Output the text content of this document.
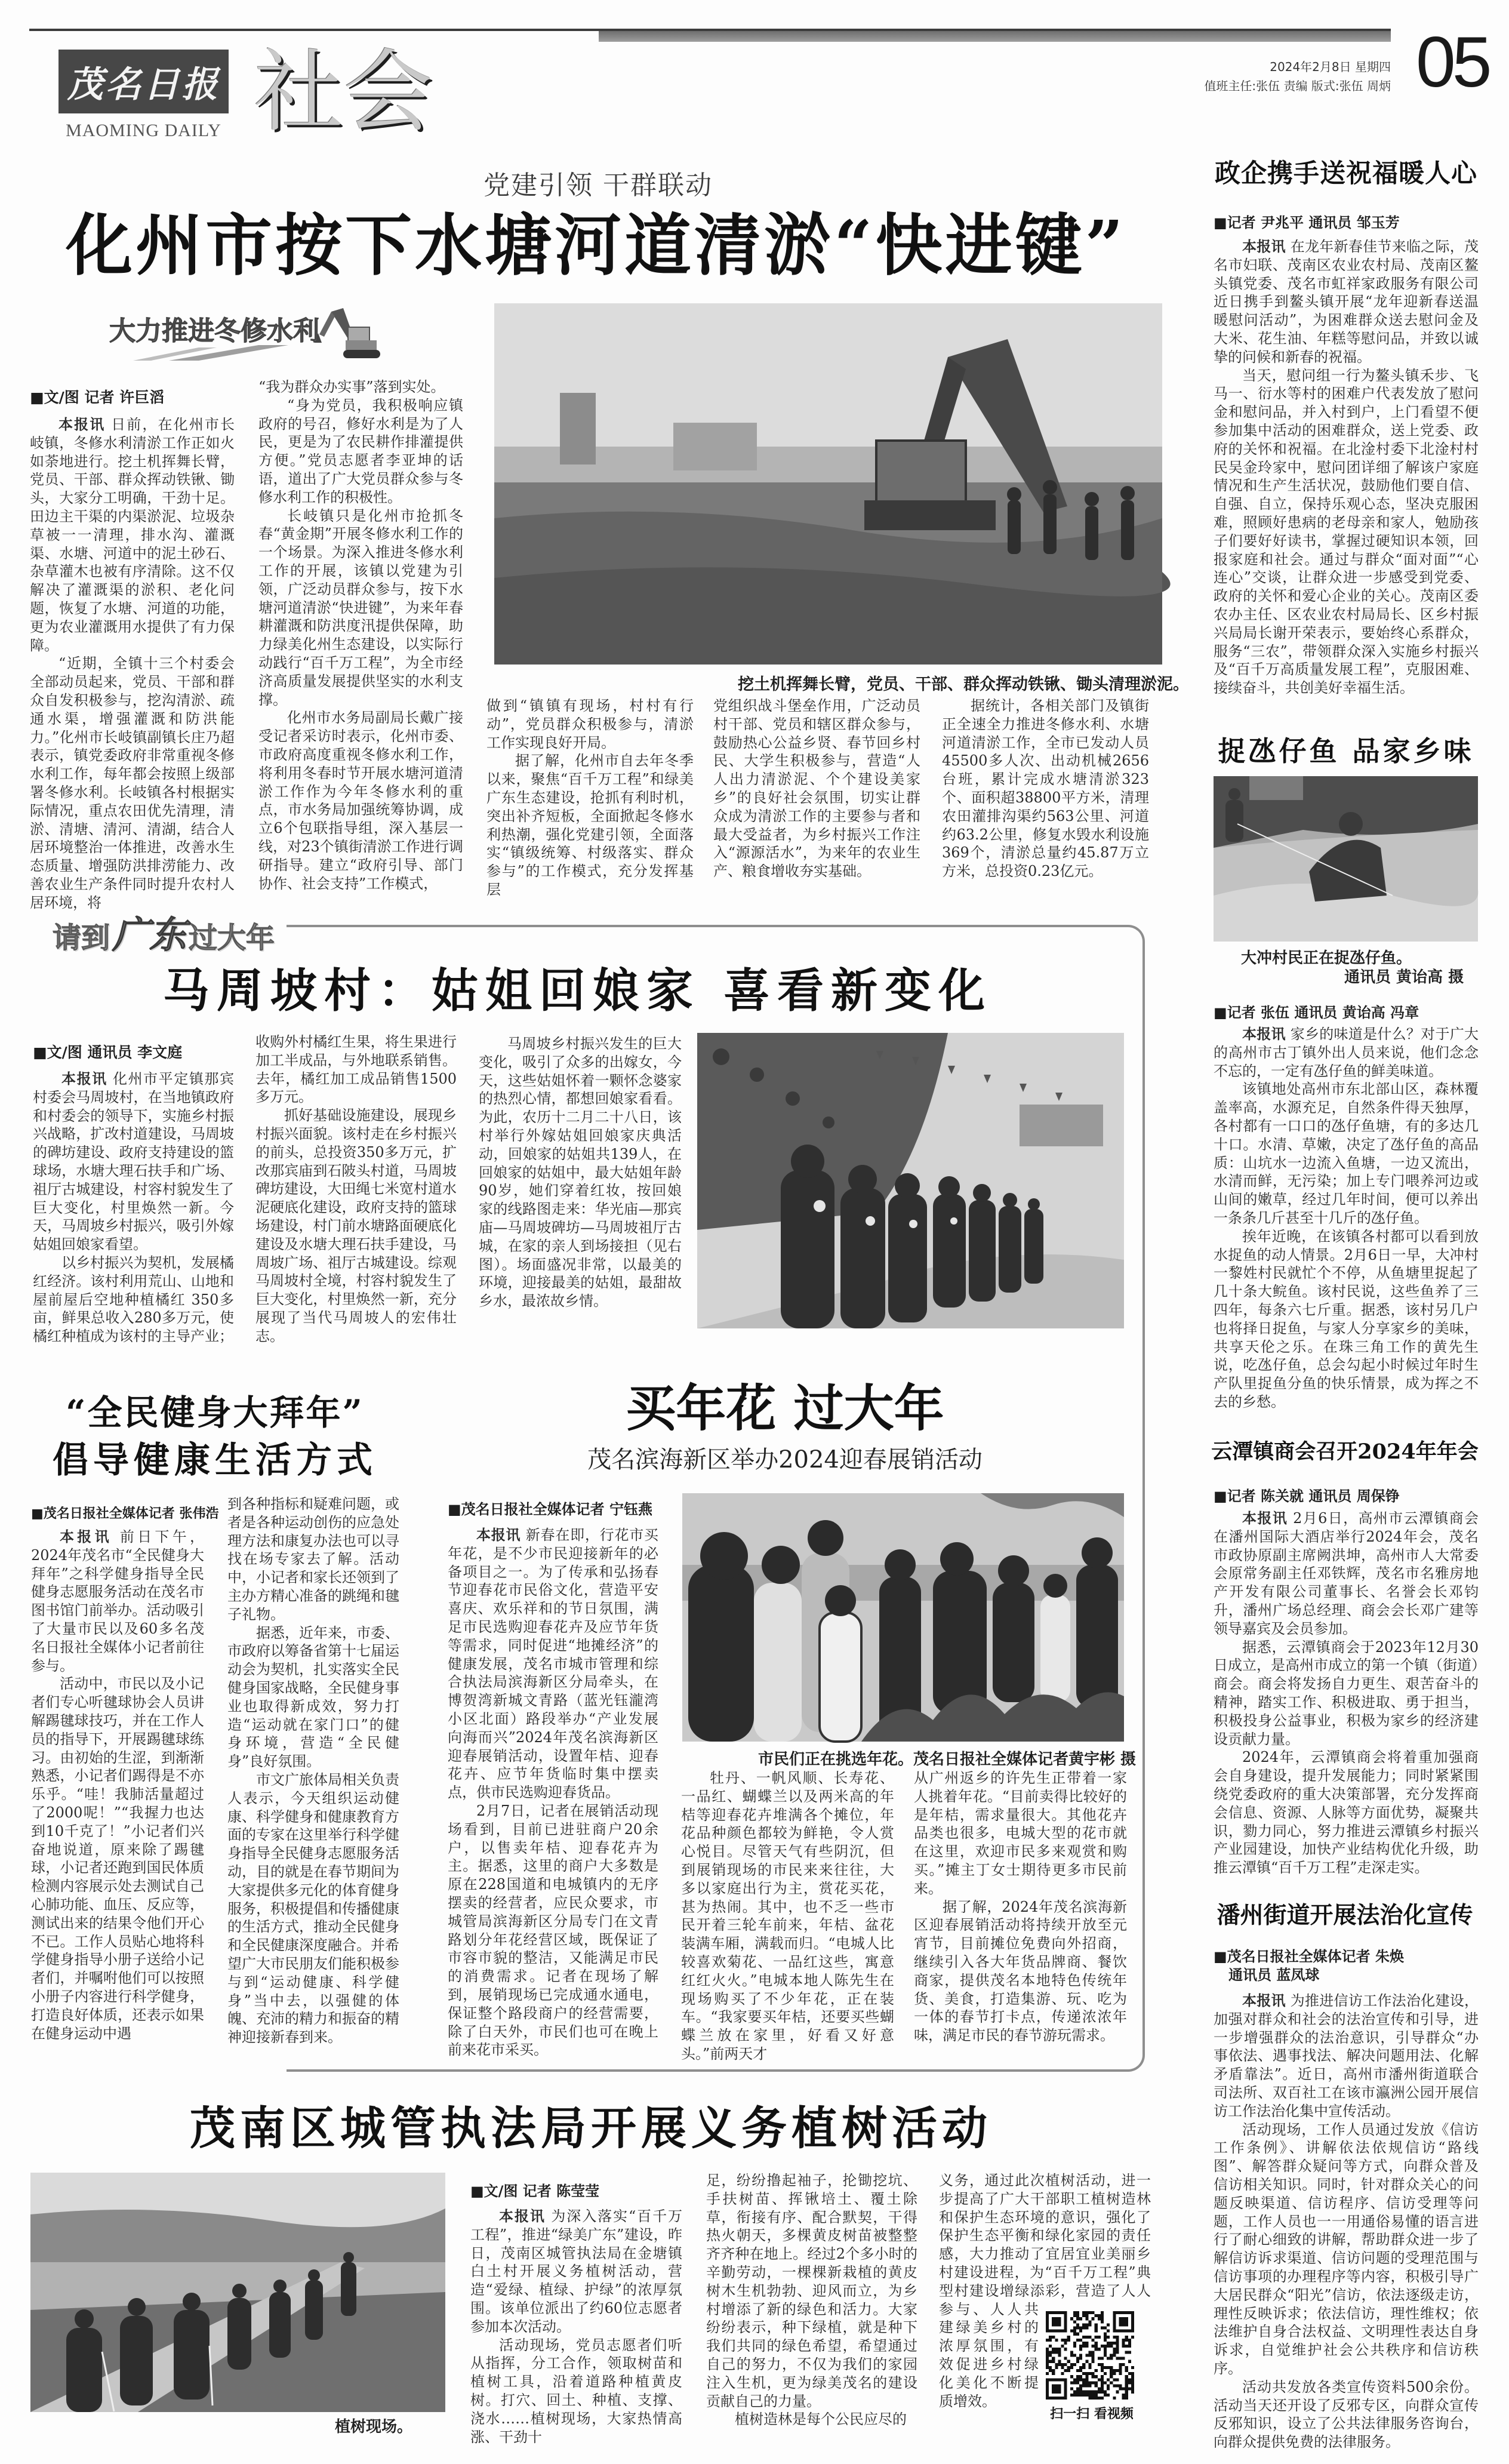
茂名日报
MAOMING DAILY 社会	2024年2月8日 星期四
值班主任:张伍 责编 版式:张伍 周炳 05
党建引领 干群联动
化州市按下水塘河道清淤“快进键”
大力推进冬修水利
■文/图 记者 许巨滔

本报讯 日前，在化州市长岐镇，冬修水利清淤工作正如火如荼地进行。挖土机挥舞长臂，党员、干部、群众挥动铁锹、锄头，大家分工明确，干劲十足。田边主干渠的内渠淤泥、垃圾杂草被一一清理，排水沟、灌溉渠、水塘、河道中的泥土砂石、杂草灌木也被有序清除。这不仅解决了灌溉渠的淤积、老化问题，恢复了水塘、河道的功能，更为农业灌溉用水提供了有力保障。

“近期，全镇十三个村委会全部动员起来，党员、干部和群众自发积极参与，挖沟清淤、疏通水渠，增强灌溉和防洪能力。”化州市长岐镇副镇长庄乃超表示，镇党委政府非常重视冬修水利工作，每年都会按照上级部署冬修水利。长岐镇各村根据实际情况，重点农田优先清理，清淤、清塘、清河、清湖，结合人居环境整治一体推进，改善水生态质量、增强防洪排涝能力、改善农业生产条件同时提升农村人居环境，将

“我为群众办实事”落到实处。

“身为党员，我积极响应镇政府的号召，修好水利是为了人民，更是为了农民耕作排灌提供方便。”党员志愿者李亚坤的话语，道出了广大党员群众参与冬修水利工作的积极性。

长岐镇只是化州市抢抓冬春“黄金期”开展冬修水利工作的一个场景。为深入推进冬修水利工作的开展，该镇以党建为引领，广泛动员群众参与，按下水塘河道清淤“快进键”，为来年春耕灌溉和防洪度汛提供保障，助力绿美化州生态建设，以实际行动践行“百千万工程”，为全市经济高质量发展提供坚实的水利支撑。

化州市水务局副局长戴广接受记者采访时表示，化州市委、市政府高度重视冬修水利工作，将利用冬春时节开展水塘河道清淤工作作为今年冬修水利的重点，市水务局加强统筹协调，成立6个包联指导组，深入基层一线，对23个镇街清淤工作进行调研指导。建立“政府引导、部门协作、社会支持”工作模式，

挖土机挥舞长臂，党员、干部、群众挥动铁锹、锄头清理淤泥。

做到“镇镇有现场，村村有行动”，党员群众积极参与，清淤工作实现良好开局。

据了解，化州市自去年冬季以来，聚焦“百千万工程”和绿美广东生态建设，抢抓有利时机，突出补齐短板，全面掀起冬修水利热潮，强化党建引领，全面落实“镇级统筹、村级落实、群众参与”的工作模式，充分发挥基层

党组织战斗堡垒作用，广泛动员村干部、党员和辖区群众参与，鼓励热心公益乡贤、春节回乡村民、大学生积极参与，营造“人人出力清淤泥、个个建设美家乡”的良好社会氛围，切实让群众成为清淤工作的主要参与者和最大受益者，为乡村振兴工作注入“源源活水”，为来年的农业生产、粮食增收夯实基础。

据统计，各相关部门及镇街正全速全力推进冬修水利、水塘河道清淤工作，全市已发动人员45500多人次、出动机械2656台班，累计完成水塘清淤323个、面积超38800平方米，清理农田灌排沟渠约563公里、河道约63.2公里，修复水毁水利设施369个，清淤总量约45.87万立方米，总投资0.23亿元。

请到广东过大年
马周坡村：姑姐回娘家 喜看新变化
■文/图 通讯员 李文庭

本报讯 化州市平定镇那宾村委会马周坡村，在当地镇政府和村委会的领导下，实施乡村振兴战略，扩改村道建设，马周坡的碑坊建设、政府支持建设的篮球场，水塘大理石扶手和广场、祖厅古城建设，村容村貌发生了巨大变化，村里焕然一新。今天，马周坡乡村振兴，吸引外嫁姑姐回娘家看望。

以乡村振兴为契机，发展橘红经济。该村利用荒山、山地和屋前屋后空地种植橘红 350多亩，鲜果总收入280多万元，使橘红种植成为该村的主导产业；

收购外村橘红生果，将生果进行加工半成品，与外地联系销售。去年，橘红加工成品销售1500多万元。

抓好基础设施建设，展现乡村振兴面貌。该村走在乡村振兴的前头，总投资350多万元，扩改那宾庙到石陂头村道，马周坡碑坊建设，大田绳七米宽村道水泥硬底化建设，政府支持的篮球场建设，村门前水塘路面硬底化建设及水塘大理石扶手建设，马周坡广场、祖厅古城建设。综观马周坡村全境，村容村貌发生了巨大变化，村里焕然一新，充分展现了当代马周坡人的宏伟壮志。

马周坡乡村振兴发生的巨大变化，吸引了众多的出嫁女，今天，这些姑姐怀着一颗怀念婆家的热烈心情，都想回娘家看看。为此，农历十二月二十八日，该村举行外嫁姑姐回娘家庆典活动，回娘家的姑姐共139人，在回娘家的姑姐中，最大姑姐年龄90岁，她们穿着红妆，按回娘家的线路图走来：华光庙—那宾庙—马周坡碑坊—马周坡祖厅古城，在家的亲人到场接担（见右图）。场面盛况非常，以最美的环境，迎接最美的姑姐，最甜故乡水，最浓故乡情。

“全民健身大拜年”
倡导健康生活方式
■茂名日报社全媒体记者 张伟浩

本报讯 前日下午，2024年茂名市“全民健身大拜年”之科学健身指导全民健身志愿服务活动在茂名市图书馆门前举办。活动吸引了大量市民以及60多名茂名日报社全媒体小记者前往参与。

活动中，市民以及小记者们专心听毽球协会人员讲解踢毽球技巧，并在工作人员的指导下，开展踢毽球练习。由初始的生涩，到渐渐熟悉，小记者们踢得是不亦乐乎。“哇！我肺活量超过了2000呢！”“我握力也达到10千克了！”小记者们兴奋地说道，原来除了踢毽球，小记者还跑到国民体质检测内容展示处去测试自己心肺功能、血压、反应等，测试出来的结果令他们开心不已。工作人员贴心地将科学健身指导小册子送给小记者们，并嘱咐他们可以按照小册子内容进行科学健身，打造良好体质，还表示如果在健身运动中遇

到各种指标和疑难问题，或者是各种运动创伤的应急处理方法和康复办法也可以寻找在场专家去了解。活动中，小记者和家长还领到了主办方精心准备的跳绳和毽子礼物。

据悉，近年来，市委、市政府以筹备省第十七届运动会为契机，扎实落实全民健身国家战略，全民健身事业也取得新成效，努力打造“运动就在家门口”的健身环境，营造“全民健身”良好氛围。

市文广旅体局相关负责人表示，今天组织运动健康、科学健身和健康教育方面的专家在这里举行科学健身指导全民健身志愿服务活动，目的就是在春节期间为大家提供多元化的体育健身服务，积极提倡和传播健康的生活方式，推动全民健身和全民健康深度融合。并希望广大市民朋友们能积极参与到“运动健康、科学健身”当中去，以强健的体魄、充沛的精力和振奋的精神迎接新春到来。

买年花 过大年
茂名滨海新区举办2024迎春展销活动
■茂名日报社全媒体记者 宁钰燕

本报讯 新春在即，行花市买年花，是不少市民迎接新年的必备项目之一。为了传承和弘扬春节迎春花市民俗文化，营造平安喜庆、欢乐祥和的节日氛围，满足市民选购迎春花卉及应节年货等需求，同时促进“地摊经济”的健康发展，茂名市城市管理和综合执法局滨海新区分局牵头，在博贺湾新城文青路（蓝光钰瀧湾小区北面）路段举办“产业发展 向海而兴”2024年茂名滨海新区迎春展销活动，设置年桔、迎春花卉、应节年货临时集中摆卖点，供市民选购迎春货品。

2月7日，记者在展销活动现场看到，目前已进驻商户20余户，以售卖年桔、迎春花卉为主。据悉，这里的商户大多数是原在228国道和电城镇内的无序摆卖的经营者，应民众要求，市城管局滨海新区分局专门在文青路划分年花经营区域，既保证了市容市貌的整洁，又能满足市民的消费需求。记者在现场了解到，展销现场已完成通水通电，保证整个路段商户的经营需要，除了白天外，市民们也可在晚上前来花市采买。

市民们正在挑选年花。茂名日报社全媒体记者黄宇彬 摄

牡丹、一帆风顺、长寿花、一品红、蝴蝶兰以及两米高的年桔等迎春花卉堆满各个摊位，年花品种颜色都较为鲜艳，令人赏心悦目。尽管天气有些阴沉，但到展销现场的市民来来往往，大多以家庭出行为主，赏花买花，甚为热闹。其中，也不乏一些市民开着三轮车前来，年桔、盆花装满车厢，满载而归。“电城人比较喜欢菊花、一品红这些，寓意红红火火。”电城本地人陈先生在现场购买了不少年花，正在装车。“我家要买年桔，还要买些蝴蝶兰放在家里，好看又好意头。”前两天才

从广州返乡的许先生正带着一家人挑着年花。“目前卖得比较好的是年桔，需求量很大。其他花卉品类也很多，电城大型的花市就在这里，欢迎市民多来观赏和购买。”摊主丁女士期待更多市民前来。

据了解，2024年茂名滨海新区迎春展销活动将持续开放至元宵节，目前摊位免费向外招商，继续引入各大年货品牌商、餐饮商家，提供茂名本地特色传统年货、美食，打造集游、玩、吃为一体的春节打卡点，传递浓浓年味，满足市民的春节游玩需求。

茂南区城管执法局开展义务植树活动
植树现场。
■文/图 记者 陈莹莹

本报讯 为深入落实“百千万工程”，推进“绿美广东”建设，昨日，茂南区城管执法局在金塘镇白土村开展义务植树活动，营造“爱绿、植绿、护绿”的浓厚氛围。该单位派出了约60位志愿者参加本次活动。

活动现场，党员志愿者们听从指挥，分工合作，领取树苗和植树工具，沿着道路种植黄皮树。打穴、回土、种植、支撑、浇水……植树现场，大家热情高涨、干劲十

足，纷纷撸起袖子，抡锄挖坑、手扶树苗、挥锹培土、覆土除草，衔接有序、配合默契，干得热火朝天，多棵黄皮树苗被整整齐齐种在地上。经过2个多小时的辛勤劳动，一棵棵新栽植的黄皮树木生机勃勃、迎风而立，为乡村增添了新的绿色和活力。大家纷纷表示，种下绿植，就是种下我们共同的绿色希望，希望通过自己的努力，不仅为我们的家园注入生机，更为绿美茂名的建设贡献自己的力量。

植树造林是每个公民应尽的	扫一扫 看视频

义务，通过此次植树活动，进一步提高了广大干部职工植树造林和保护生态环境的意识，强化了保护生态平衡和绿化家园的责任感，大力推动了宜居宜业美丽乡村建设进程，为“百千万工程”典型村建设增绿添彩，营造了人人参与、人人共建绿美乡村的浓厚氛围，有效促进乡村绿化美化不断提质增效。

政企携手送祝福暖人心
■记者 尹兆平 通讯员 邹玉芳

本报讯 在龙年新春佳节来临之际，茂名市妇联、茂南区农业农村局、茂南区鳌头镇党委、茂名市虹祥家政服务有限公司近日携手到鳌头镇开展“龙年迎新春送温暖慰问活动”，为困难群众送去慰问金及大米、花生油、年糕等慰问品，并致以诚挚的问候和新春的祝福。

当天，慰问组一行为鳌头镇禾步、飞马一、衍水等村的困难户代表发放了慰问金和慰问品，并入村到户，上门看望不便参加集中活动的困难群众，送上党委、政府的关怀和祝福。在北淦村委下北淦村村民吴金玲家中，慰问团详细了解该户家庭情况和生产生活状况，鼓励他们要自信、自强、自立，保持乐观心态，坚决克服困难，照顾好患病的老母亲和家人，勉励孩子们要好好读书，掌握过硬知识本领，回报家庭和社会。通过与群众“面对面”“心连心”交谈，让群众进一步感受到党委、政府的关怀和爱心企业的关心。茂南区委农办主任、区农业农村局局长、区乡村振兴局局长谢开荣表示，要始终心系群众，服务“三农”，带领群众深入实施乡村振兴及“百千万高质量发展工程”，克服困难、接续奋斗，共创美好幸福生活。

捉氹仔鱼 品家乡味
大冲村民正在捉氹仔鱼。
通讯员 黄诒高 摄
■记者 张伍 通讯员 黄诒高 冯章

本报讯 家乡的味道是什么？对于广大的高州市古丁镇外出人员来说，他们念念不忘的，一定有氹仔鱼的鲜美味道。

该镇地处高州市东北部山区，森林覆盖率高，水源充足，自然条件得天独厚，各村都有一口口的氹仔鱼塘，有的多达几十口。水清、草嫩，决定了氹仔鱼的高品质：山坑水一边流入鱼塘，一边又流出，水清而鲜，无污染；加上专门喂养河边或山间的嫩草，经过几年时间，便可以养出一条条几斤甚至十几斤的氹仔鱼。

挨年近晚，在该镇各村都可以看到放水捉鱼的动人情景。2月6日一早，大冲村一黎姓村民就忙个不停，从鱼塘里捉起了几十条大鲩鱼。该村民说，这些鱼养了三四年，每条六七斤重。据悉，该村另几户也将择日捉鱼，与家人分享家乡的美味，共享天伦之乐。在珠三角工作的黄先生说，吃氹仔鱼，总会勾起小时候过年时生产队里捉鱼分鱼的快乐情景，成为挥之不去的乡愁。

云潭镇商会召开2024年年会
■记者 陈关就 通讯员 周保铮

本报讯 2月6日，高州市云潭镇商会在潘州国际大酒店举行2024年会，茂名市政协原副主席阙洪坤，高州市人大常委会原常务副主任邓铁辉，茂名市名雅房地产开发有限公司董事长、名誉会长邓钧升，潘州广场总经理、商会会长邓广建等领导嘉宾及会员参加。

据悉，云潭镇商会于2023年12月30日成立，是高州市成立的第一个镇（街道）商会。商会将发扬自力更生、艰苦奋斗的精神，踏实工作、积极进取、勇于担当，积极投身公益事业，积极为家乡的经济建设贡献力量。

2024年，云潭镇商会将着重加强商会自身建设，提升发展能力；同时紧紧围绕党委政府的重大决策部署，充分发挥商会信息、资源、人脉等方面优势，凝聚共识，勠力同心，努力推进云潭镇乡村振兴产业园建设，加快产业结构优化升级，助推云潭镇“百千万工程”走深走实。

潘州街道开展法治化宣传
■茂名日报社全媒体记者 朱焕
通讯员 蓝凤球

本报讯 为推进信访工作法治化建设，加强对群众和社会的法治宣传和引导，进一步增强群众的法治意识，引导群众“办事依法、遇事找法、解决问题用法、化解矛盾靠法”。近日，高州市潘州街道联合司法所、双百社工在该市瀛洲公园开展信访工作法治化集中宣传活动。

活动现场，工作人员通过发放《信访工作条例》、讲解依法依规信访“路线图”、解答群众疑问等方式，向群众普及信访相关知识。同时，针对群众关心的问题反映渠道、信访程序、信访受理等问题，工作人员也一一用通俗易懂的语言进行了耐心细致的讲解，帮助群众进一步了解信访诉求渠道、信访问题的受理范围与信访事项的办理程序等内容，积极引导广大居民群众“阳光”信访，依法逐级走访，理性反映诉求；依法信访，理性维权；依法维护自身合法权益、文明理性表达自身诉求，自觉维护社会公共秩序和信访秩序。

活动共发放各类宣传资料500余份。活动当天还开设了反邪专区，向群众宣传反邪知识，设立了公共法律服务咨询台，向群众提供免费的法律服务。
